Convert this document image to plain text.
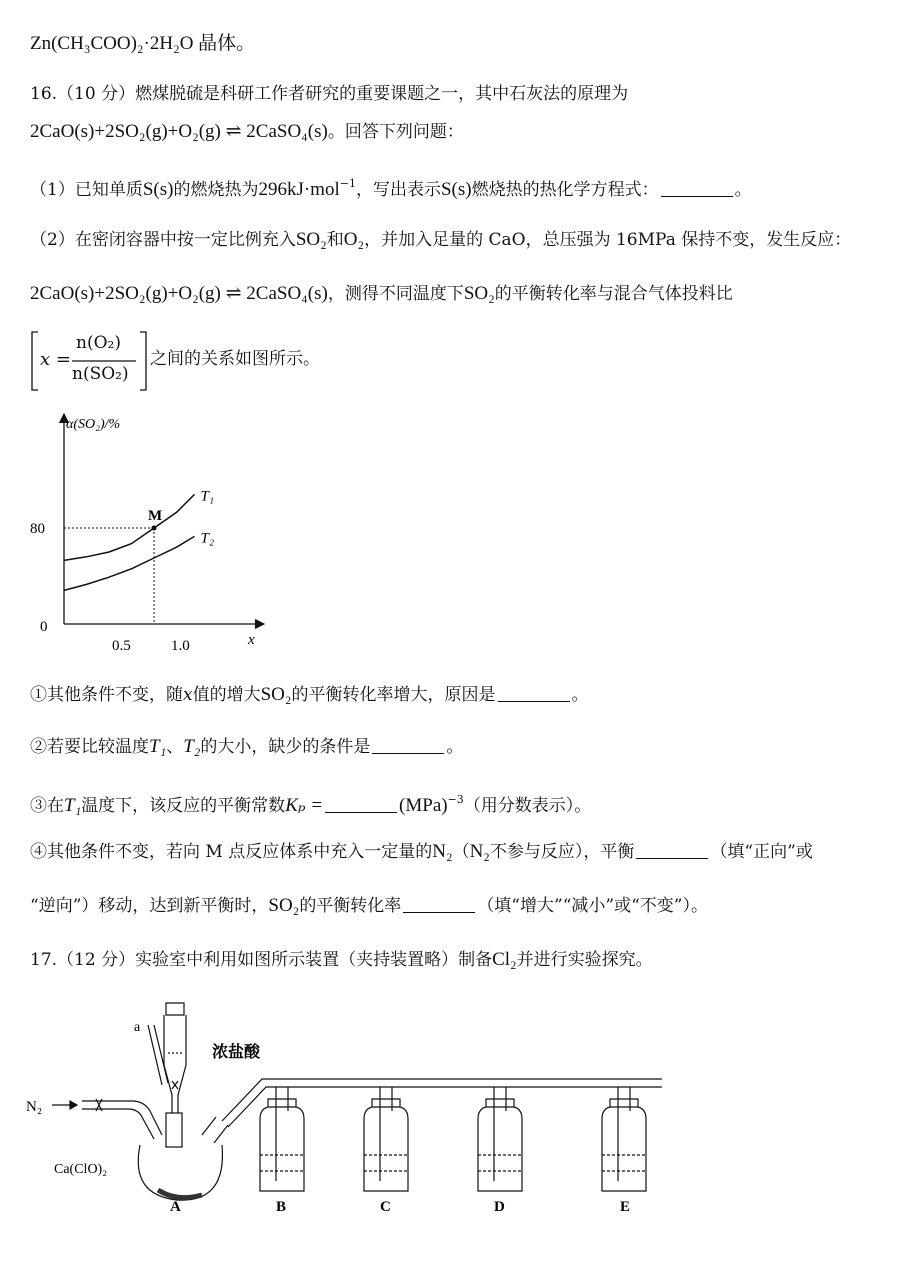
Zn(CH₃COO)₂·2H₂O 晶体。
16.（10 分）燃煤脱硫是科研工作者研究的重要课题之一，其中石灰法的原理为
2CaO(s)+2SO₂(g)+O₂(g) ⇌ 2CaSO₄(s)。回答下列问题：
（1）已知单质S(s)的燃烧热为296kJ·mol$^{-1}$，写出表示S(s)燃烧热的热化学方程式：	。
（2）在密闭容器中按一定比例充入SO₂和O₂，并加入足量的 CaO，总压强为 16MPa 保持不变，发生反应：
2CaO(s)+2SO₂(g)+O₂(g) ⇌ 2CaSO₄(s)，测得不同温度下SO₂的平衡转化率与混合气体投料比
x =
n(O₂)
n(SO₂)
之间的关系如图所示。
α(SO₂)/%
x
0
0.5	1.0
80
M
T₁
T₂
①其他条件不变，随x值的增大SO₂的平衡转化率增大，原因是	。
②若要比较温度T₁、T₂的大小，缺少的条件是	。
③在T₁温度下，该反应的平衡常数Kₚ =	(MPa)$^{-3}$（用分数表示）。
④其他条件不变，若向 M 点反应体系中充入一定量的N₂（N₂不参与反应），平衡	（填“正向”或
“逆向”）移动，达到新平衡时，SO₂的平衡转化率	（填“增大”“减小”或“不变”）。
17.（12 分）实验室中利用如图所示装置（夹持装置略）制备Cl₂并进行实验探究。
a
浓盐酸
N₂
Ca(ClO)₂
A	B	C	D	E
